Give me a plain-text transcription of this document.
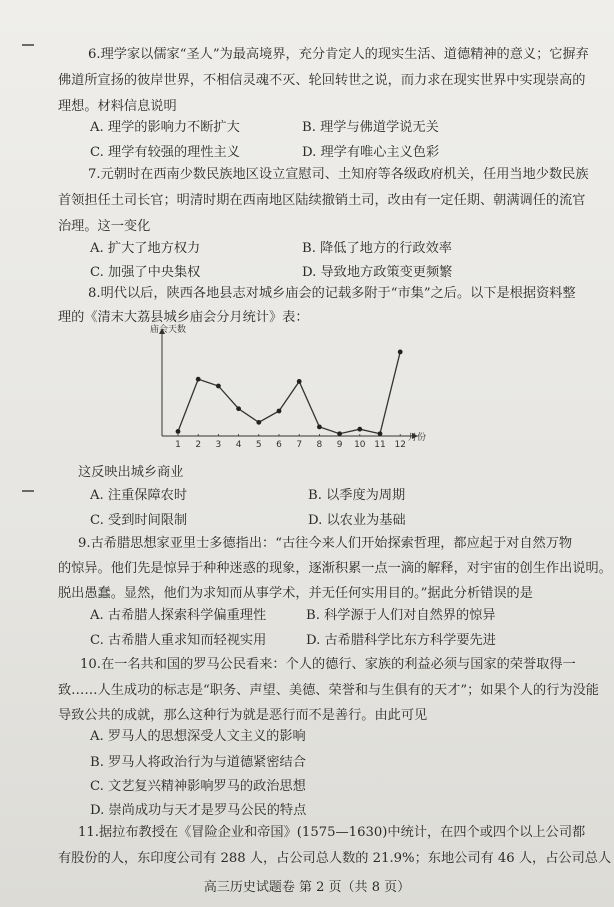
6.理学家以儒家“圣人”为最高境界，充分肯定人的现实生活、道德精神的意义；它摒弃
佛道所宣扬的彼岸世界，不相信灵魂不灭、轮回转世之说，而力求在现实世界中实现崇高的
理想。材料信息说明
A. 理学的影响力不断扩大	B. 理学与佛道学说无关
C. 理学有较强的理性主义	D. 理学有唯心主义色彩
7.元朝时在西南少数民族地区设立宣慰司、土知府等各级政府机关，任用当地少数民族
首领担任土司长官；明清时期在西南地区陆续撤销土司，改由有一定任期、朝满调任的流官
治理。这一变化
A. 扩大了地方权力	B. 降低了地方的行政效率
C. 加强了中央集权	D. 导致地方政策变更频繁
8.明代以后，陕西各地县志对城乡庙会的记载多附于“市集”之后。以下是根据资料整
理的《清末大荔县城乡庙会分月统计》表：
1 2 3 4 5 6 7 8 9 10 11 12
庙会天数
月份
这反映出城乡商业
A. 注重保障农时	B. 以季度为周期
C. 受到时间限制	D. 以农业为基础
9.古希腊思想家亚里士多德指出：“古往今来人们开始探索哲理，都应起于对自然万物
的惊异。他们先是惊异于种种迷惑的现象，逐渐积累一点一滴的解释，对宇宙的创生作出说明。
脱出愚蠢。显然，他们为求知而从事学术，并无任何实用目的。”据此分析错误的是
A. 古希腊人探索科学偏重理性	B. 科学源于人们对自然界的惊异
C. 古希腊人重求知而轻视实用	D. 古希腊科学比东方科学要先进
10.在一名共和国的罗马公民看来：个人的德行、家族的利益必须与国家的荣誉取得一
致……人生成功的标志是“职务、声望、美德、荣誉和与生俱有的天才”；如果个人的行为没能
导致公共的成就，那么这种行为就是恶行而不是善行。由此可见
A. 罗马人的思想深受人文主义的影响
B. 罗马人将政治行为与道德紧密结合
C. 文艺复兴精神影响罗马的政治思想
D. 崇尚成功与天才是罗马公民的特点
11.据拉布教授在《冒险企业和帝国》(1575—1630)中统计，在四个或四个以上公司都
有股份的人，东印度公司有 288 人，占公司总人数的 21.9%；东地公司有 46 人，占公司总人
高三历史试题卷 第 2 页（共 8 页）
